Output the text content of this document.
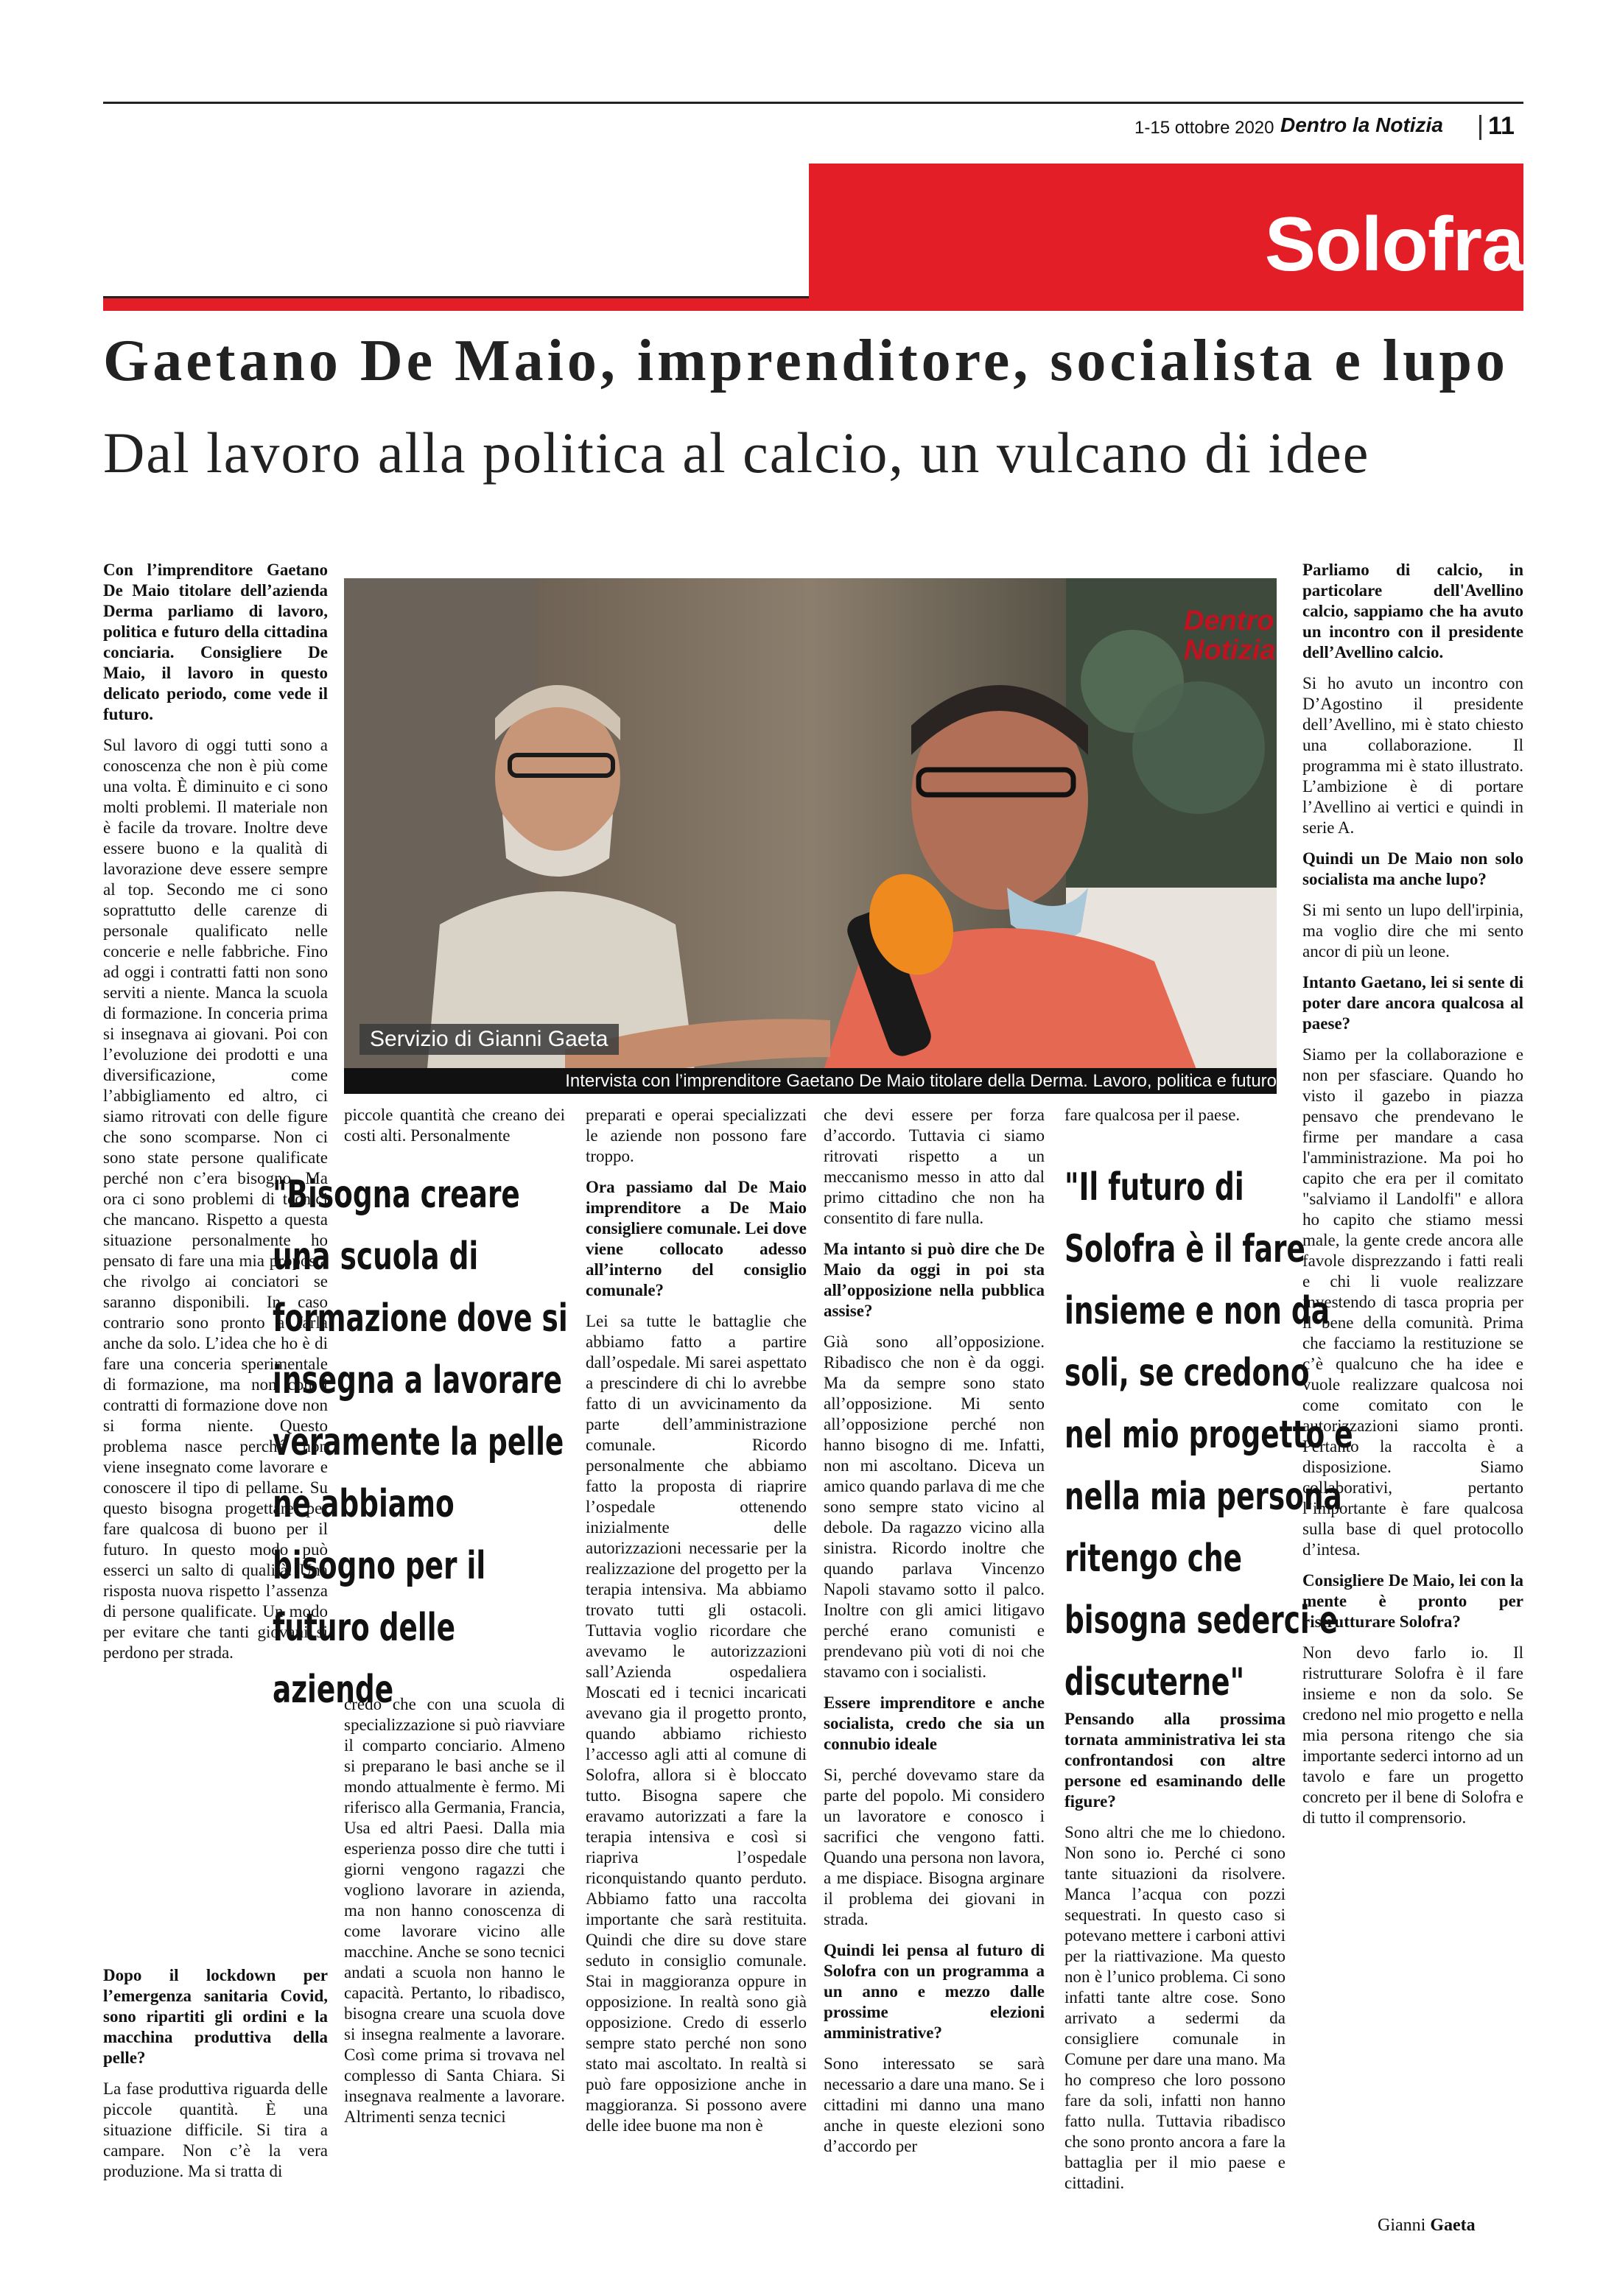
1-15 ottobre 2020 Dentro la Notizia 11
Solofra
Gaetano De Maio, imprenditore, socialista e lupo
Dal lavoro alla politica al calcio, un vulcano di idee

Con l’imprenditore Gaetano De Maio titolare dell’azienda Derma parliamo di lavoro, politica e futuro della cittadina conciaria. Consigliere De Maio, il lavoro in questo delicato periodo, come vede il futuro.

Sul lavoro di oggi tutti sono a conoscenza che non è più come una volta. È diminuito e ci sono molti problemi. Il materiale non è facile da trovare. Inoltre deve essere buono e la qualità di lavorazione deve essere sempre al top. Secondo me ci sono soprattutto delle carenze di personale qualificato nelle concerie e nelle fabbriche. Fino ad oggi i contratti fatti non sono serviti a niente. Manca la scuola di formazione. In conceria prima si insegnava ai giovani. Poi con l’evoluzione dei prodotti e una diversificazione, come l’abbigliamento ed altro, ci siamo ritrovati con delle figure che sono scomparse. Non ci sono state persone qualificate perché non c’era bisogno. Ma ora ci sono problemi di tecnici che mancano. Rispetto a questa situazione personalmente ho pensato di fare una mia proposta che rivolgo ai conciatori se saranno disponibili. In caso contrario sono pronto a farla anche da solo. L’idea che ho è di fare una conceria sperimentale di formazione, ma non con i contratti di formazione dove non si forma niente. Questo problema nasce perché non viene insegnato come lavorare e conoscere il tipo di pellame. Su questo bisogna progettare per fare qualcosa di buono per il futuro. In questo modo può esserci un salto di qualità. Una risposta nuova rispetto l’assenza di persone qualificate. Un modo per evitare che tanti giovani si perdono per strada.

Dopo il lockdown per l’emergenza sanitaria Covid, sono ripartiti gli ordini e la macchina produttiva della pelle?

La fase produttiva riguarda delle piccole quantità. È una situazione difficile. Si tira a campare. Non c’è la vera produzione. Ma si tratta di

Dentro
Notizia
Servizio di Gianni Gaeta
Intervista con l’imprenditore Gaetano De Maio titolare della Derma. Lavoro, politica e futuro

piccole quantità che creano dei costi alti. Personalmente

"Bisogna creare una scuola di formazione dove si insegna a lavorare veramente la pelle ne abbiamo bisogno per il futuro delle aziende

credo che con una scuola di specializzazione si può riavviare il comparto conciario. Almeno si preparano le basi anche se il mondo attualmente è fermo. Mi riferisco alla Germania, Francia, Usa ed altri Paesi. Dalla mia esperienza posso dire che tutti i giorni vengono ragazzi che vogliono lavorare in azienda, ma non hanno conoscenza di come lavorare vicino alle macchine. Anche se sono tecnici andati a scuola non hanno le capacità. Pertanto, lo ribadisco, bisogna creare una scuola dove si insegna realmente a lavorare. Così come prima si trovava nel complesso di Santa Chiara. Si insegnava realmente a lavorare. Altrimenti senza tecnici

preparati e operai specializzati le aziende non possono fare troppo.

Ora passiamo dal De Maio imprenditore a De Maio consigliere comunale. Lei dove viene collocato adesso all’interno del consiglio comunale?

Lei sa tutte le battaglie che abbiamo fatto a partire dall’ospedale. Mi sarei aspettato a prescindere di chi lo avrebbe fatto di un avvicinamento da parte dell’amministrazione comunale. Ricordo personalmente che abbiamo fatto la proposta di riaprire l’ospedale ottenendo inizialmente delle autorizzazioni necessarie per la realizzazione del progetto per la terapia intensiva. Ma abbiamo trovato tutti gli ostacoli. Tuttavia voglio ricordare che avevamo le autorizzazioni sall’Azienda ospedaliera Moscati ed i tecnici incaricati avevano gia il progetto pronto, quando abbiamo richiesto l’accesso agli atti al comune di Solofra, allora si è bloccato tutto. Bisogna sapere che eravamo autorizzati a fare la terapia intensiva e così si riapriva l’ospedale riconquistando quanto perduto. Abbiamo fatto una raccolta importante che sarà restituita. Quindi che dire su dove stare seduto in consiglio comunale. Stai in maggioranza oppure in opposizione. In realtà sono già opposizione. Credo di esserlo sempre stato perché non sono stato mai ascoltato. In realtà si può fare opposizione anche in maggioranza. Si possono avere delle idee buone ma non è

che devi essere per forza d’accordo. Tuttavia ci siamo ritrovati rispetto a un meccanismo messo in atto dal primo cittadino che non ha consentito di fare nulla.

Ma intanto si può dire che De Maio da oggi in poi sta all’opposizione nella pubblica assise?

Già sono all’opposizione. Ribadisco che non è da oggi. Ma da sempre sono stato all’opposizione. Mi sento all’opposizione perché non hanno bisogno di me. Infatti, non mi ascoltano. Diceva un amico quando parlava di me che sono sempre stato vicino al debole. Da ragazzo vicino alla sinistra. Ricordo inoltre che quando parlava Vincenzo Napoli stavamo sotto il palco. Inoltre con gli amici litigavo perché erano comunisti e prendevano più voti di noi che stavamo con i socialisti.

Essere imprenditore e anche socialista, credo che sia un connubio ideale

Si, perché dovevamo stare da parte del popolo. Mi considero un lavoratore e conosco i sacrifici che vengono fatti. Quando una persona non lavora, a me dispiace. Bisogna arginare il problema dei giovani in strada.

Quindi lei pensa al futuro di Solofra con un programma a un anno e mezzo dalle prossime elezioni amministrative?

Sono interessato se sarà necessario a dare una mano. Se i cittadini mi danno una mano anche in queste elezioni sono d’accordo per

fare qualcosa per il paese.

"Il futuro di Solofra è il fare insieme e non da soli, se credono nel mio progetto e nella mia persona ritengo che bisogna sederci e discuterne"

Pensando alla prossima tornata amministrativa lei sta confrontandosi con altre persone ed esaminando delle figure?

Sono altri che me lo chiedono. Non sono io. Perché ci sono tante situazioni da risolvere. Manca l’acqua con pozzi sequestrati. In questo caso si potevano mettere i carboni attivi per la riattivazione. Ma questo non è l’unico problema. Ci sono infatti tante altre cose. Sono arrivato a sedermi da consigliere comunale in Comune per dare una mano. Ma ho compreso che loro possono fare da soli, infatti non hanno fatto nulla. Tuttavia ribadisco che sono pronto ancora a fare la battaglia per il mio paese e cittadini.

Parliamo di calcio, in particolare dell'Avellino calcio, sappiamo che ha avuto un incontro con il presidente dell’Avellino calcio.

Si ho avuto un incontro con D’Agostino il presidente dell’Avellino, mi è stato chiesto una collaborazione. Il programma mi è stato illustrato. L’ambizione è di portare l’Avellino ai vertici e quindi in serie A.

Quindi un De Maio non solo socialista ma anche lupo?

Si mi sento un lupo dell'irpinia, ma voglio dire che mi sento ancor di più un leone.

Intanto Gaetano, lei si sente di poter dare ancora qualcosa al paese?

Siamo per la collaborazione e non per sfasciare. Quando ho visto il gazebo in piazza pensavo che prendevano le firme per mandare a casa l'amministrazione. Ma poi ho capito che era per il comitato "salviamo il Landolfi" e allora ho capito che stiamo messi male, la gente crede ancora alle favole disprezzando i fatti reali e chi li vuole realizzare investendo di tasca propria per il bene della comunità. Prima che facciamo la restituzione se c’è qualcuno che ha idee e vuole realizzare qualcosa noi come comitato con le autorizzazioni siamo pronti. Pertanto la raccolta è a disposizione. Siamo collaborativi, pertanto l’importante è fare qualcosa sulla base di quel protocollo d’intesa.

Consigliere De Maio, lei con la mente è pronto per ristrutturare Solofra?

Non devo farlo io. Il ristrutturare Solofra è il fare insieme e non da solo. Se credono nel mio progetto e nella mia persona ritengo che sia importante sederci intorno ad un tavolo e fare un progetto concreto per il bene di Solofra e di tutto il comprensorio.

Gianni Gaeta
